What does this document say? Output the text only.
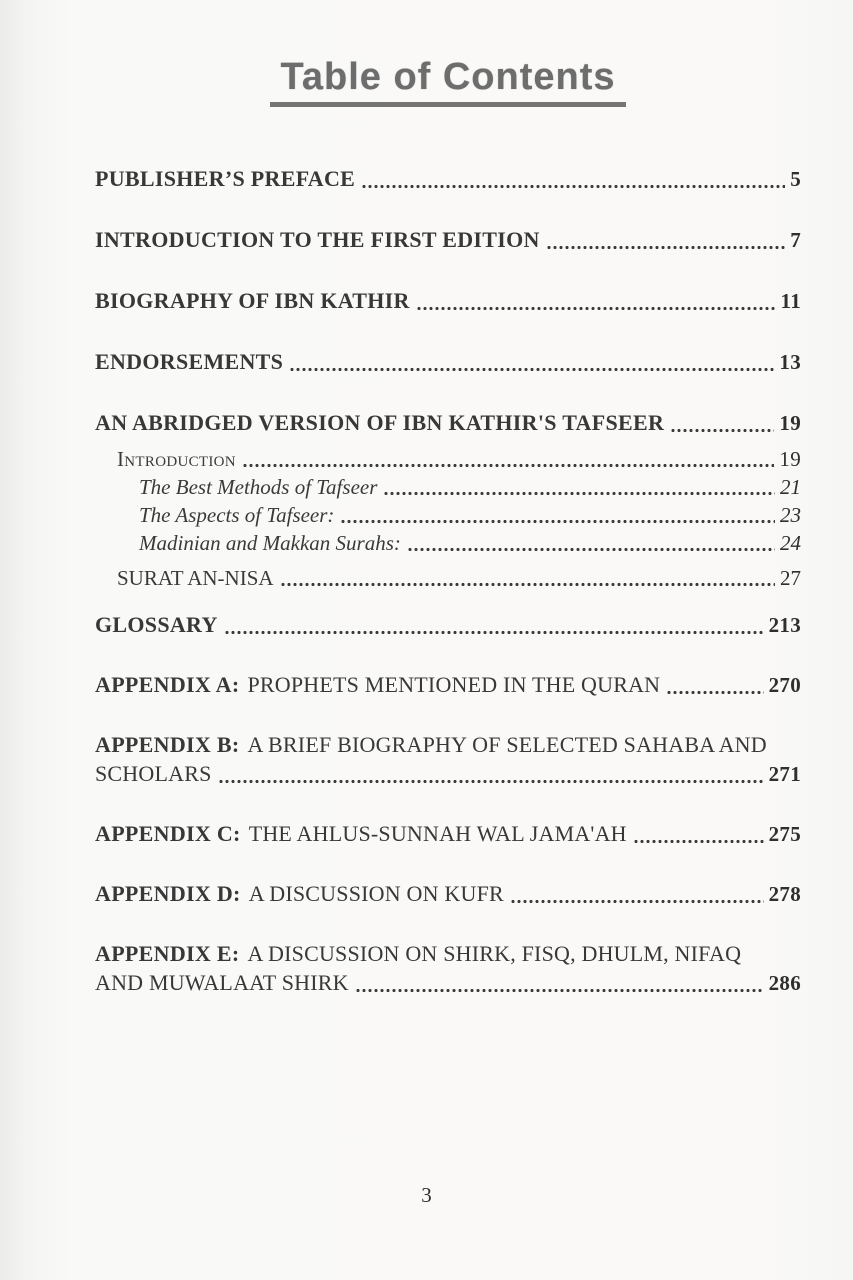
Table of Contents
PUBLISHER’S PREFACE	5
INTRODUCTION TO THE FIRST EDITION	7
BIOGRAPHY OF IBN KATHIR	11
ENDORSEMENTS	13
AN ABRIDGED VERSION OF IBN KATHIR'S TAFSEER	19
Introduction	19
The Best Methods of Tafseer	21
The Aspects of Tafseer:	23
Madinian and Makkan Surahs:	24
SURAT AN-NISA	27
GLOSSARY	213
APPENDIX A: PROPHETS MENTIONED IN THE QURAN	270
APPENDIX B: A BRIEF BIOGRAPHY OF SELECTED SAHABA AND
SCHOLARS	271
APPENDIX C: THE AHLUS-SUNNAH WAL JAMA'AH	275
APPENDIX D: A DISCUSSION ON KUFR	278
APPENDIX E: A DISCUSSION ON SHIRK, FISQ, DHULM, NIFAQ
AND MUWALAAT SHIRK	286
3
